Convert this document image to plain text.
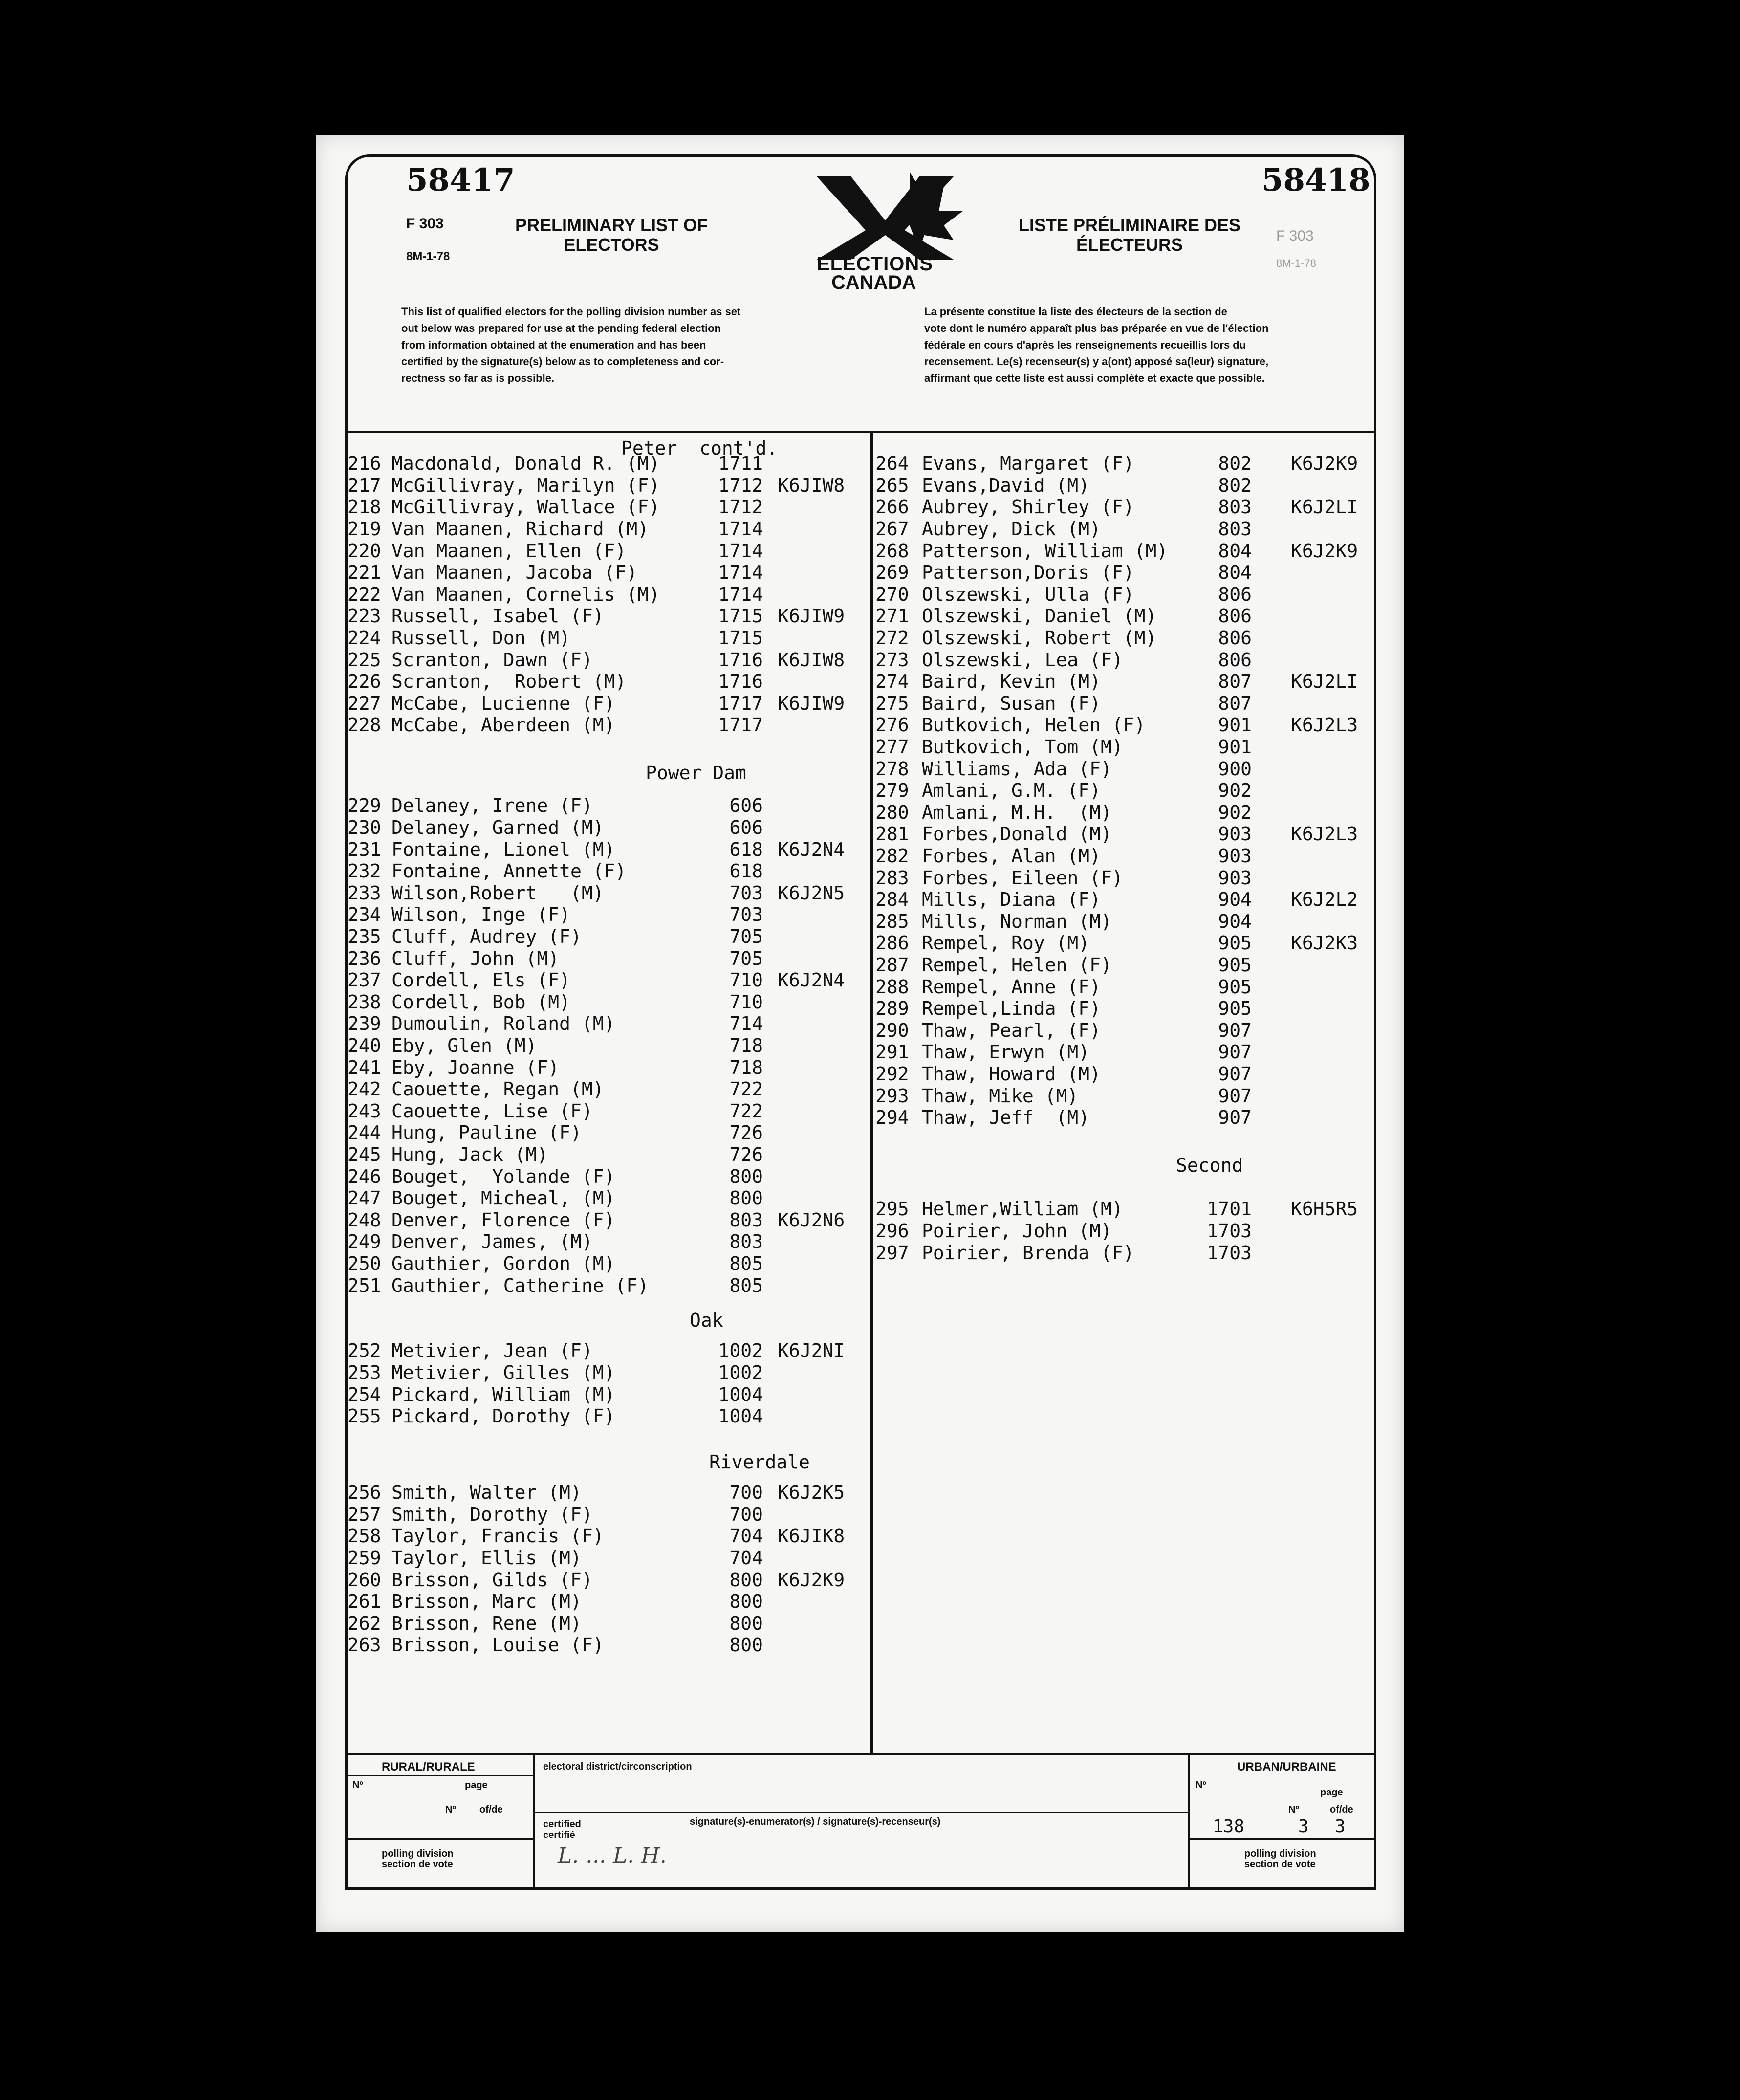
58417	58418
F 303
8M-1-78
F 303
8M-1-78
PRELIMINARY LIST OF
ELECTORS
ELECTIONS
CANADA
LISTE PRÉLIMINAIRE DES
ÉLECTEURS
This list of qualified electors for the polling division number as set
out below was prepared for use at the pending federal election
from information obtained at the enumeration and has been
certified by the signature(s) below as to completeness and cor-
rectness so far as is possible.
La présente constitue la liste des électeurs de la section de
vote dont le numéro apparaît plus bas préparée en vue de l'élection
fédérale en cours d'après les renseignements recueillis lors du
recensement. Le(s) recenseur(s) y a(ont) apposé sa(leur) signature,
affirmant que cette liste est aussi complète et exacte que possible.
Peter  cont'd.
216 Macdonald, Donald R. (M)	1711
217 McGillivray, Marilyn (F)	1712 K6JIW8
218 McGillivray, Wallace (F)	1712
219 Van Maanen, Richard (M)	1714
220 Van Maanen, Ellen (F)	1714
221 Van Maanen, Jacoba (F)	1714
222 Van Maanen, Cornelis (M)	1714
223 Russell, Isabel (F)	1715 K6JIW9
224 Russell, Don (M)	1715
225 Scranton, Dawn (F)	1716 K6JIW8
226 Scranton,  Robert (M)	1716
227 McCabe, Lucienne (F)	1717 K6JIW9
228 McCabe, Aberdeen (M)	1717
Power Dam
229 Delaney, Irene (F)	606
230 Delaney, Garned (M)	606
231 Fontaine, Lionel (M)	618 K6J2N4
232 Fontaine, Annette (F)	618
233 Wilson,Robert   (M)	703 K6J2N5
234 Wilson, Inge (F)	703
235 Cluff, Audrey (F)	705
236 Cluff, John (M)	705
237 Cordell, Els (F)	710 K6J2N4
238 Cordell, Bob (M)	710
239 Dumoulin, Roland (M)	714
240 Eby, Glen (M)	718
241 Eby, Joanne (F)	718
242 Caouette, Regan (M)	722
243 Caouette, Lise (F)	722
244 Hung, Pauline (F)	726
245 Hung, Jack (M)	726
246 Bouget,  Yolande (F)	800
247 Bouget, Micheal, (M)	800
248 Denver, Florence (F)	803 K6J2N6
249 Denver, James, (M)	803
250 Gauthier, Gordon (M)	805
251 Gauthier, Catherine (F)	805
Oak
252 Metivier, Jean (F)	1002 K6J2NI
253 Metivier, Gilles (M)	1002
254 Pickard, William (M)	1004
255 Pickard, Dorothy (F)	1004
Riverdale
256 Smith, Walter (M)	700 K6J2K5
257 Smith, Dorothy (F)	700
258 Taylor, Francis (F)	704 K6JIK8
259 Taylor, Ellis (M)	704
260 Brisson, Gilds (F)	800 K6J2K9
261 Brisson, Marc (M)	800
262 Brisson, Rene (M)	800
263 Brisson, Louise (F)	800
264 Evans, Margaret (F)	802 K6J2K9
265 Evans,David (M)	802
266 Aubrey, Shirley (F)	803 K6J2LI
267 Aubrey, Dick (M)	803
268 Patterson, William (M)	804 K6J2K9
269 Patterson,Doris (F)	804
270 Olszewski, Ulla (F)	806
271 Olszewski, Daniel (M)	806
272 Olszewski, Robert (M)	806
273 Olszewski, Lea (F)	806
274 Baird, Kevin (M)	807 K6J2LI
275 Baird, Susan (F)	807
276 Butkovich, Helen (F)	901 K6J2L3
277 Butkovich, Tom (M)	901
278 Williams, Ada (F)	900
279 Amlani, G.M. (F)	902
280 Amlani, M.H.  (M)	902
281 Forbes,Donald (M)	903 K6J2L3
282 Forbes, Alan (M)	903
283 Forbes, Eileen (F)	903
284 Mills, Diana (F)	904 K6J2L2
285 Mills, Norman (M)	904
286 Rempel, Roy (M)	905 K6J2K3
287 Rempel, Helen (F)	905
288 Rempel, Anne (F)	905
289 Rempel,Linda (F)	905
290 Thaw, Pearl, (F)	907
291 Thaw, Erwyn (M)	907
292 Thaw, Howard (M)	907
293 Thaw, Mike (M)	907
294 Thaw, Jeff  (M)	907
Second
295 Helmer,William (M)	1701 K6H5R5
296 Poirier, John (M)	1703
297 Poirier, Brenda (F)	1703
RURAL/RURALE
Nº	page
Nº of/de
polling division
section de vote
electoral district/circonscription
certified
certifié
signature(s)-enumerator(s) / signature(s)-recenseur(s)
L. ... L. H.
URBAN/URBAINE
Nº
page
Nº	of/de
138	3 3
polling division
section de vote
